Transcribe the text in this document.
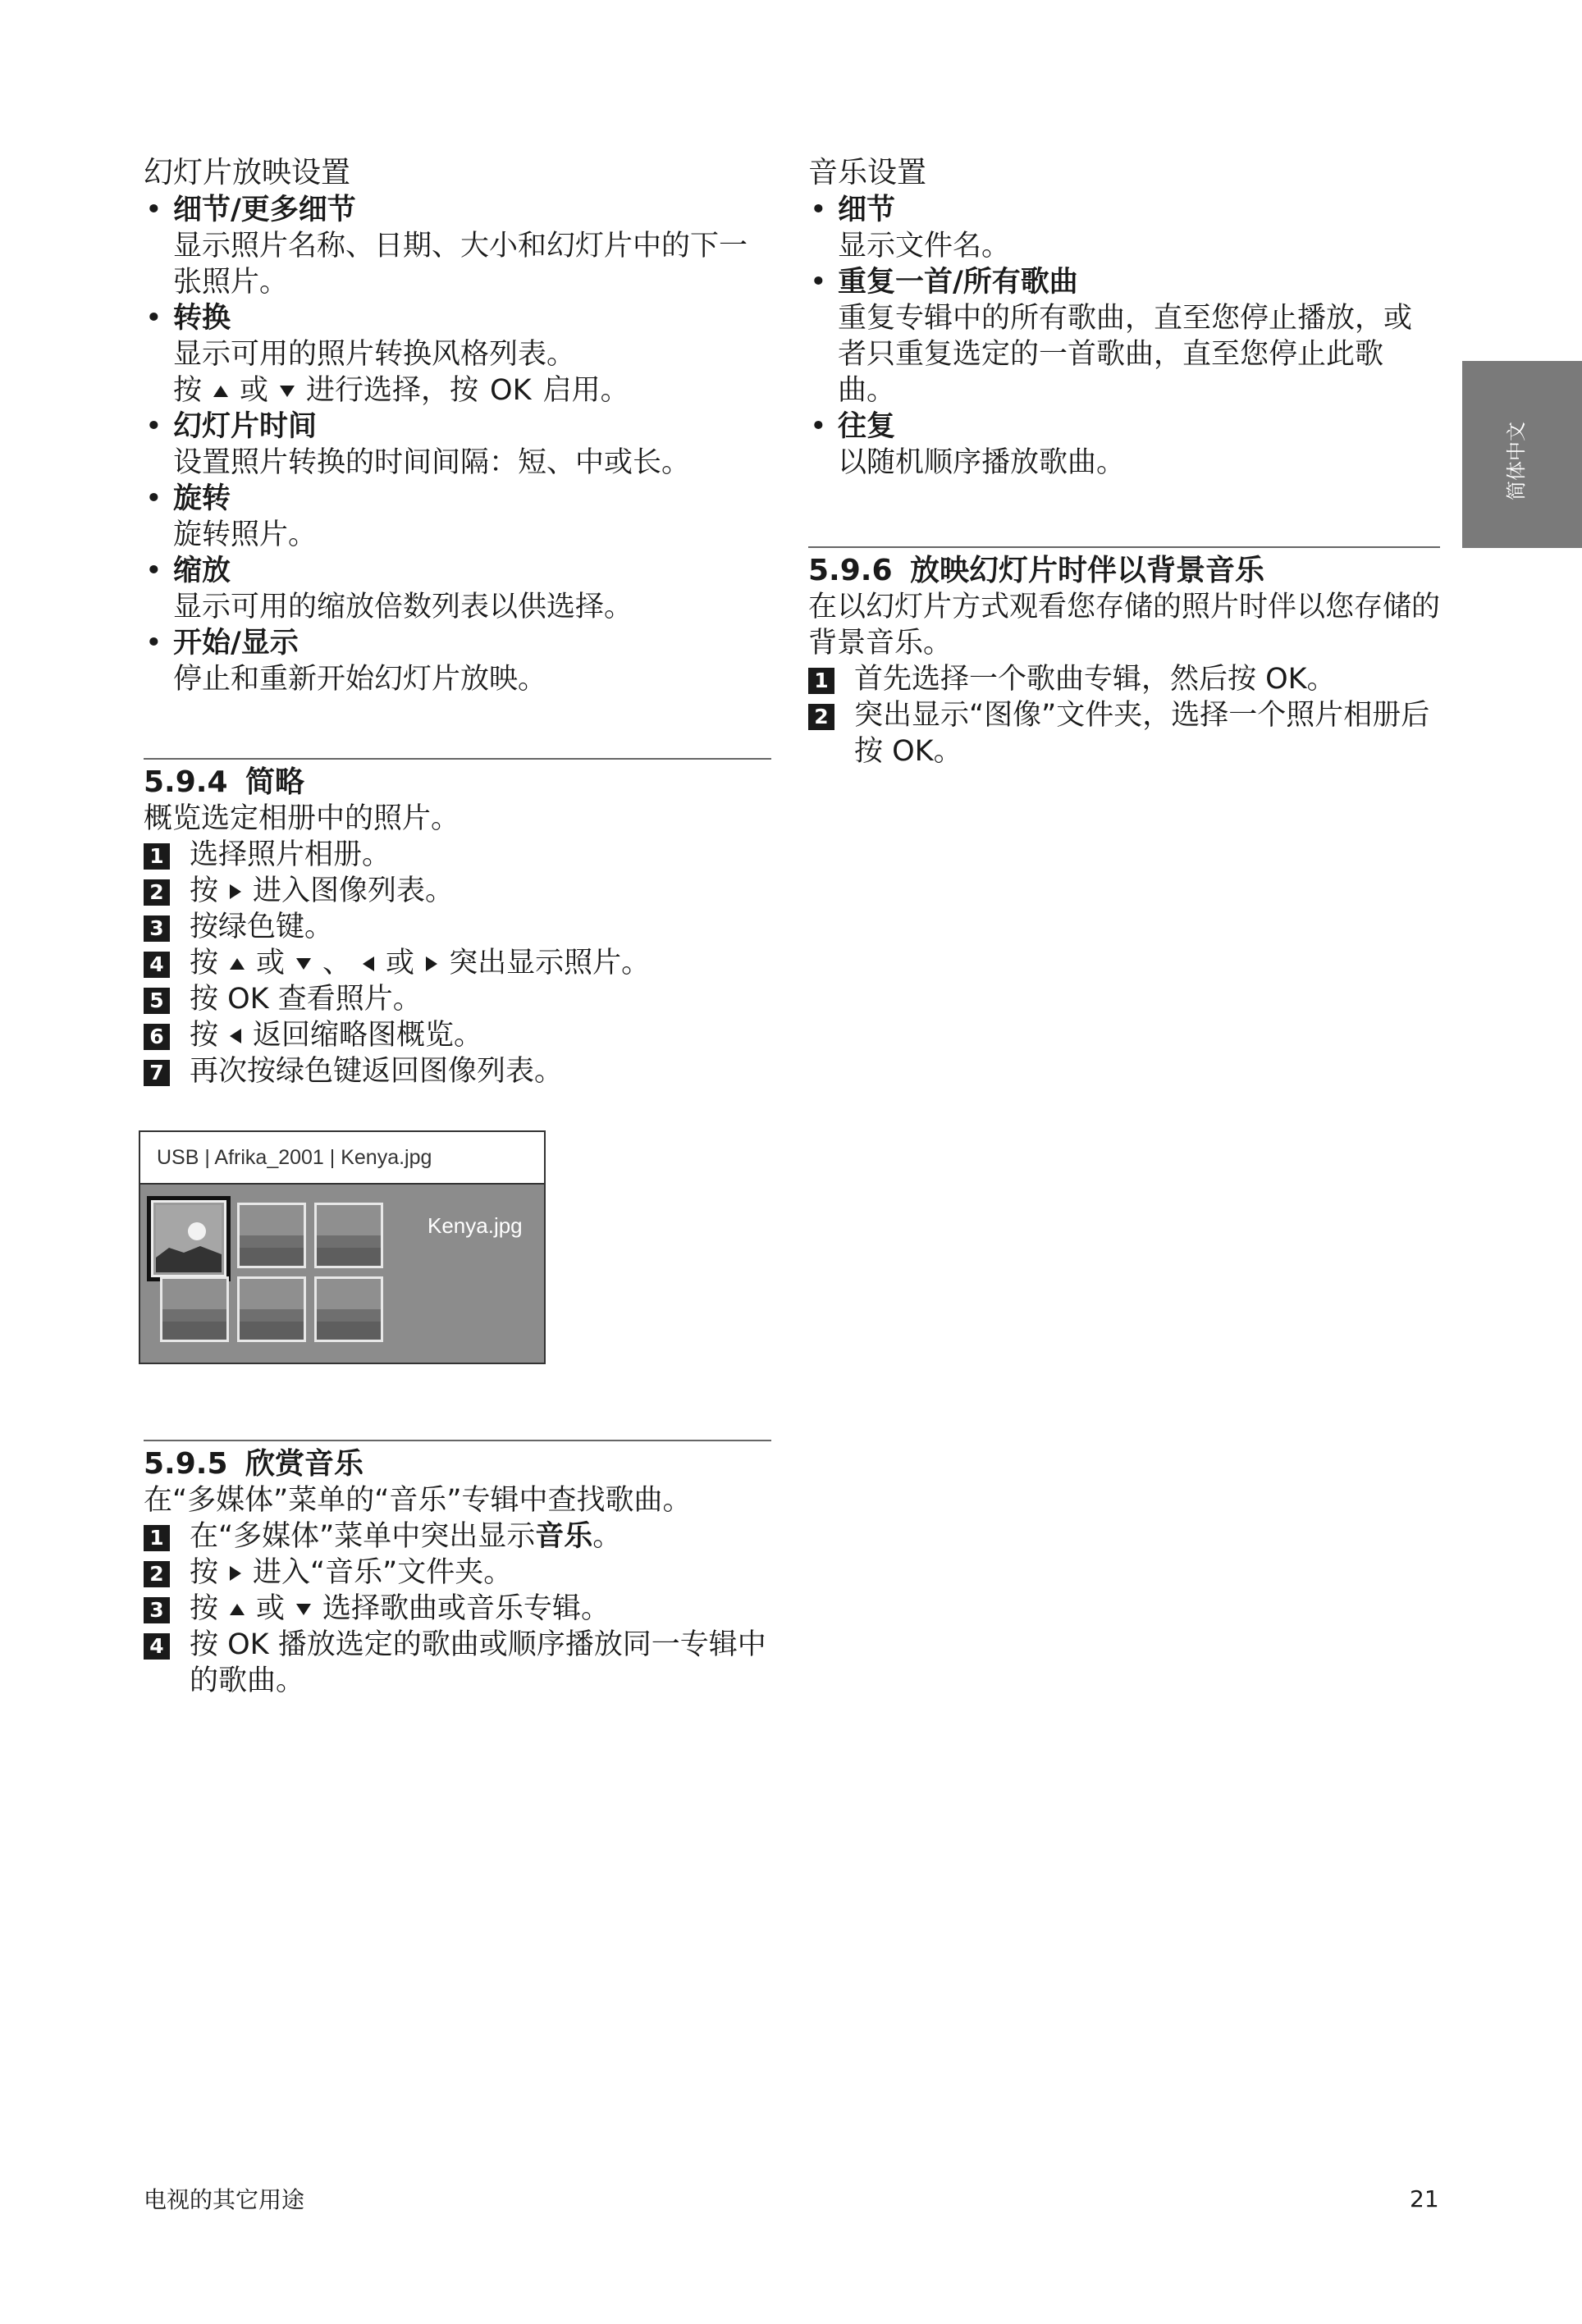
幻灯片放映设置
• 细节/更多细节
显示照片名称、日期、大小和幻灯片中的下一张照片。
• 转换
显示可用的照片转换风格列表。
按 或 进行选择，按 OK 启用。
• 幻灯片时间
设置照片转换的时间间隔：短、中或长。
• 旋转
旋转照片。
• 缩放
显示可用的缩放倍数列表以供选择。
• 开始/显示
停止和重新开始幻灯片放映。
5.9.4 简略
概览选定相册中的照片。
1 选择照片相册。
2 按 进入图像列表。
3 按绿色键。
4 按 或 、 或 突出显示照片。
5 按 OK 查看照片。
6 按 返回缩略图概览。
7 再次按绿色键返回图像列表。
USB | Afrika_2001 | Kenya.jpg
Kenya.jpg
5.9.5 欣赏音乐
在“多媒体”菜单的“音乐”专辑中查找歌曲。
1 在“多媒体”菜单中突出显示音乐。
2 按 进入“音乐”文件夹。
3 按 或 选择歌曲或音乐专辑。
4 按 OK 播放选定的歌曲或顺序播放同一专辑中的歌曲。
音乐设置
• 细节
显示文件名。
• 重复一首/所有歌曲
重复专辑中的所有歌曲，直至您停止播放，或者只重复选定的一首歌曲，直至您停止此歌曲。
• 往复
以随机顺序播放歌曲。
5.9.6 放映幻灯片时伴以背景音乐
在以幻灯片方式观看您存储的照片时伴以您存储的背景音乐。
1 首先选择一个歌曲专辑，然后按 OK。
2 突出显示“图像”文件夹，选择一个照片相册后按 OK。
简体中文
电视的其它用途	21
